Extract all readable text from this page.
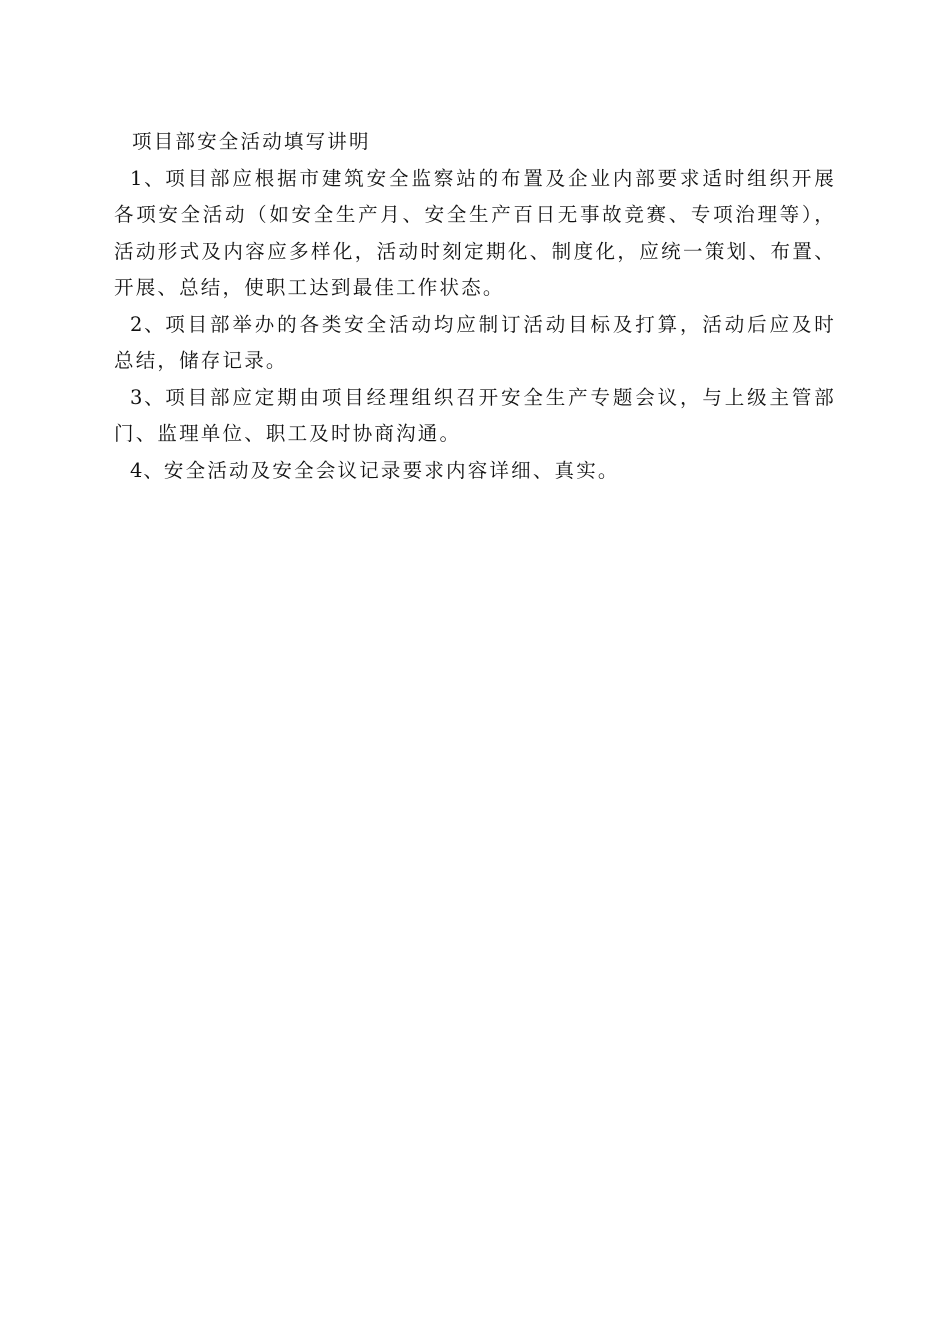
项目部安全活动填写讲明

1、项目部应根据市建筑安全监察站的布置及企业内部要求适时组织开展各项安全活动（如安全生产月、安全生产百日无事故竞赛、专项治理等），活动形式及内容应多样化，活动时刻定期化、制度化，应统一策划、布置、开展、总结，使职工达到最佳工作状态。

2、项目部举办的各类安全活动均应制订活动目标及打算，活动后应及时总结，储存记录。

3、项目部应定期由项目经理组织召开安全生产专题会议，与上级主管部门、监理单位、职工及时协商沟通。

4、安全活动及安全会议记录要求内容详细、真实。
